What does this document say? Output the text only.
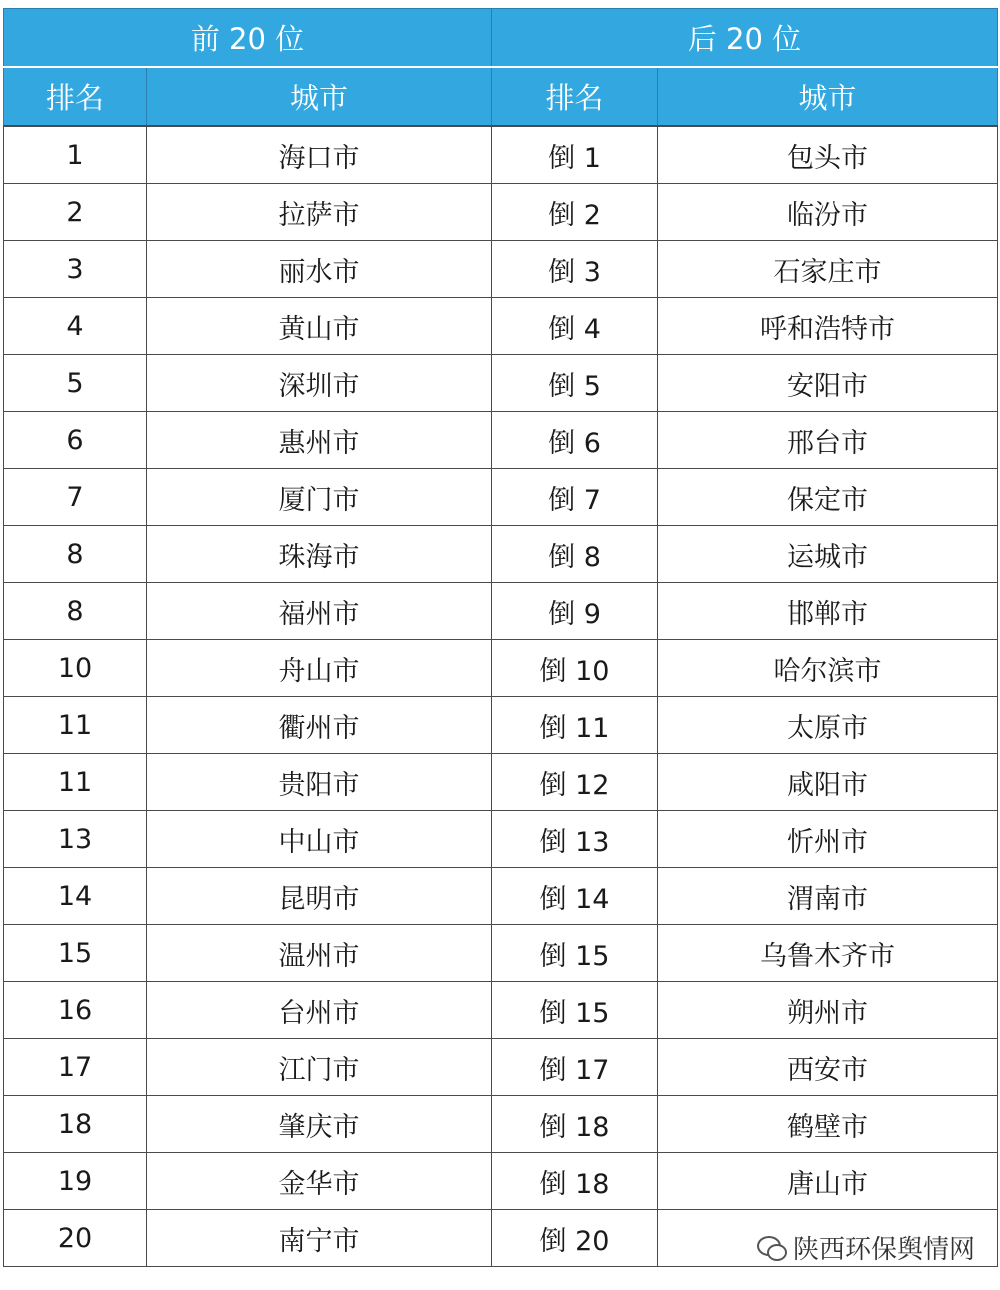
前 20 位		后 20 位	
排名	城市	排名	城市
1	海口市	倒 1	包头市
2	拉萨市	倒 2	临汾市
3	丽水市	倒 3	石家庄市
4	黄山市	倒 4	呼和浩特市
5	深圳市	倒 5	安阳市
6	惠州市	倒 6	邢台市
7	厦门市	倒 7	保定市
8	珠海市	倒 8	运城市
8	福州市	倒 9	邯郸市
10	舟山市	倒 10	哈尔滨市
11	衢州市	倒 11	太原市
11	贵阳市	倒 12	咸阳市
13	中山市	倒 13	忻州市
14	昆明市	倒 14	渭南市
15	温州市	倒 15	乌鲁木齐市
16	台州市	倒 15	朔州市
17	江门市	倒 17	西安市
18	肇庆市	倒 18	鹤壁市
19	金华市	倒 18	唐山市
20	南宁市	倒 20		陕西环保舆情网
